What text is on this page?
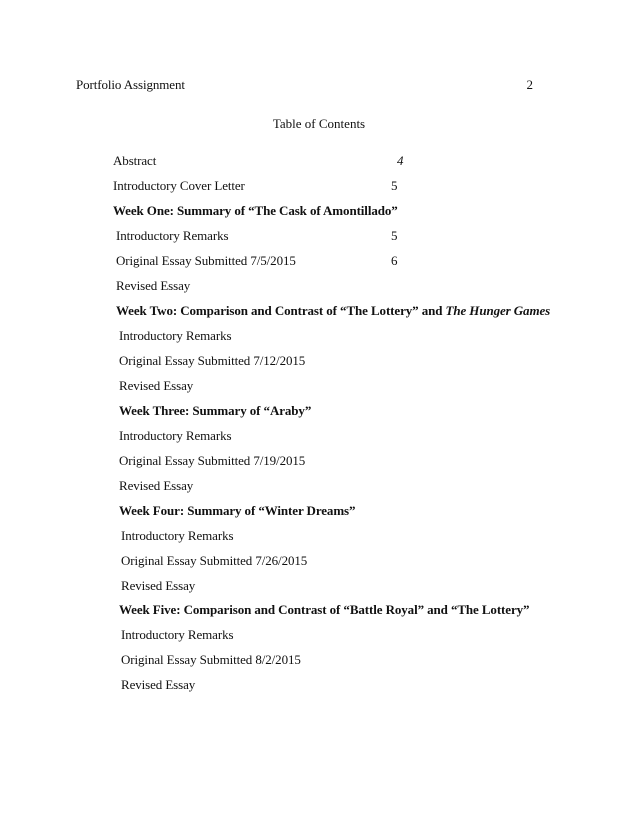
Portfolio Assignment	2
Table of Contents
Abstract	4
Introductory Cover Letter	5
Week One: Summary of “The Cask of Amontillado”
Introductory Remarks	5
Original Essay Submitted 7/5/2015	6
Revised Essay
Week Two: Comparison and Contrast of “The Lottery” and The Hunger Games
Introductory Remarks
Original Essay Submitted 7/12/2015
Revised Essay
Week Three: Summary of “Araby”
Introductory Remarks
Original Essay Submitted 7/19/2015
Revised Essay
Week Four: Summary of “Winter Dreams”
Introductory Remarks
Original Essay Submitted 7/26/2015
Revised Essay
Week Five: Comparison and Contrast of “Battle Royal” and “The Lottery”
Introductory Remarks
Original Essay Submitted 8/2/2015
Revised Essay
